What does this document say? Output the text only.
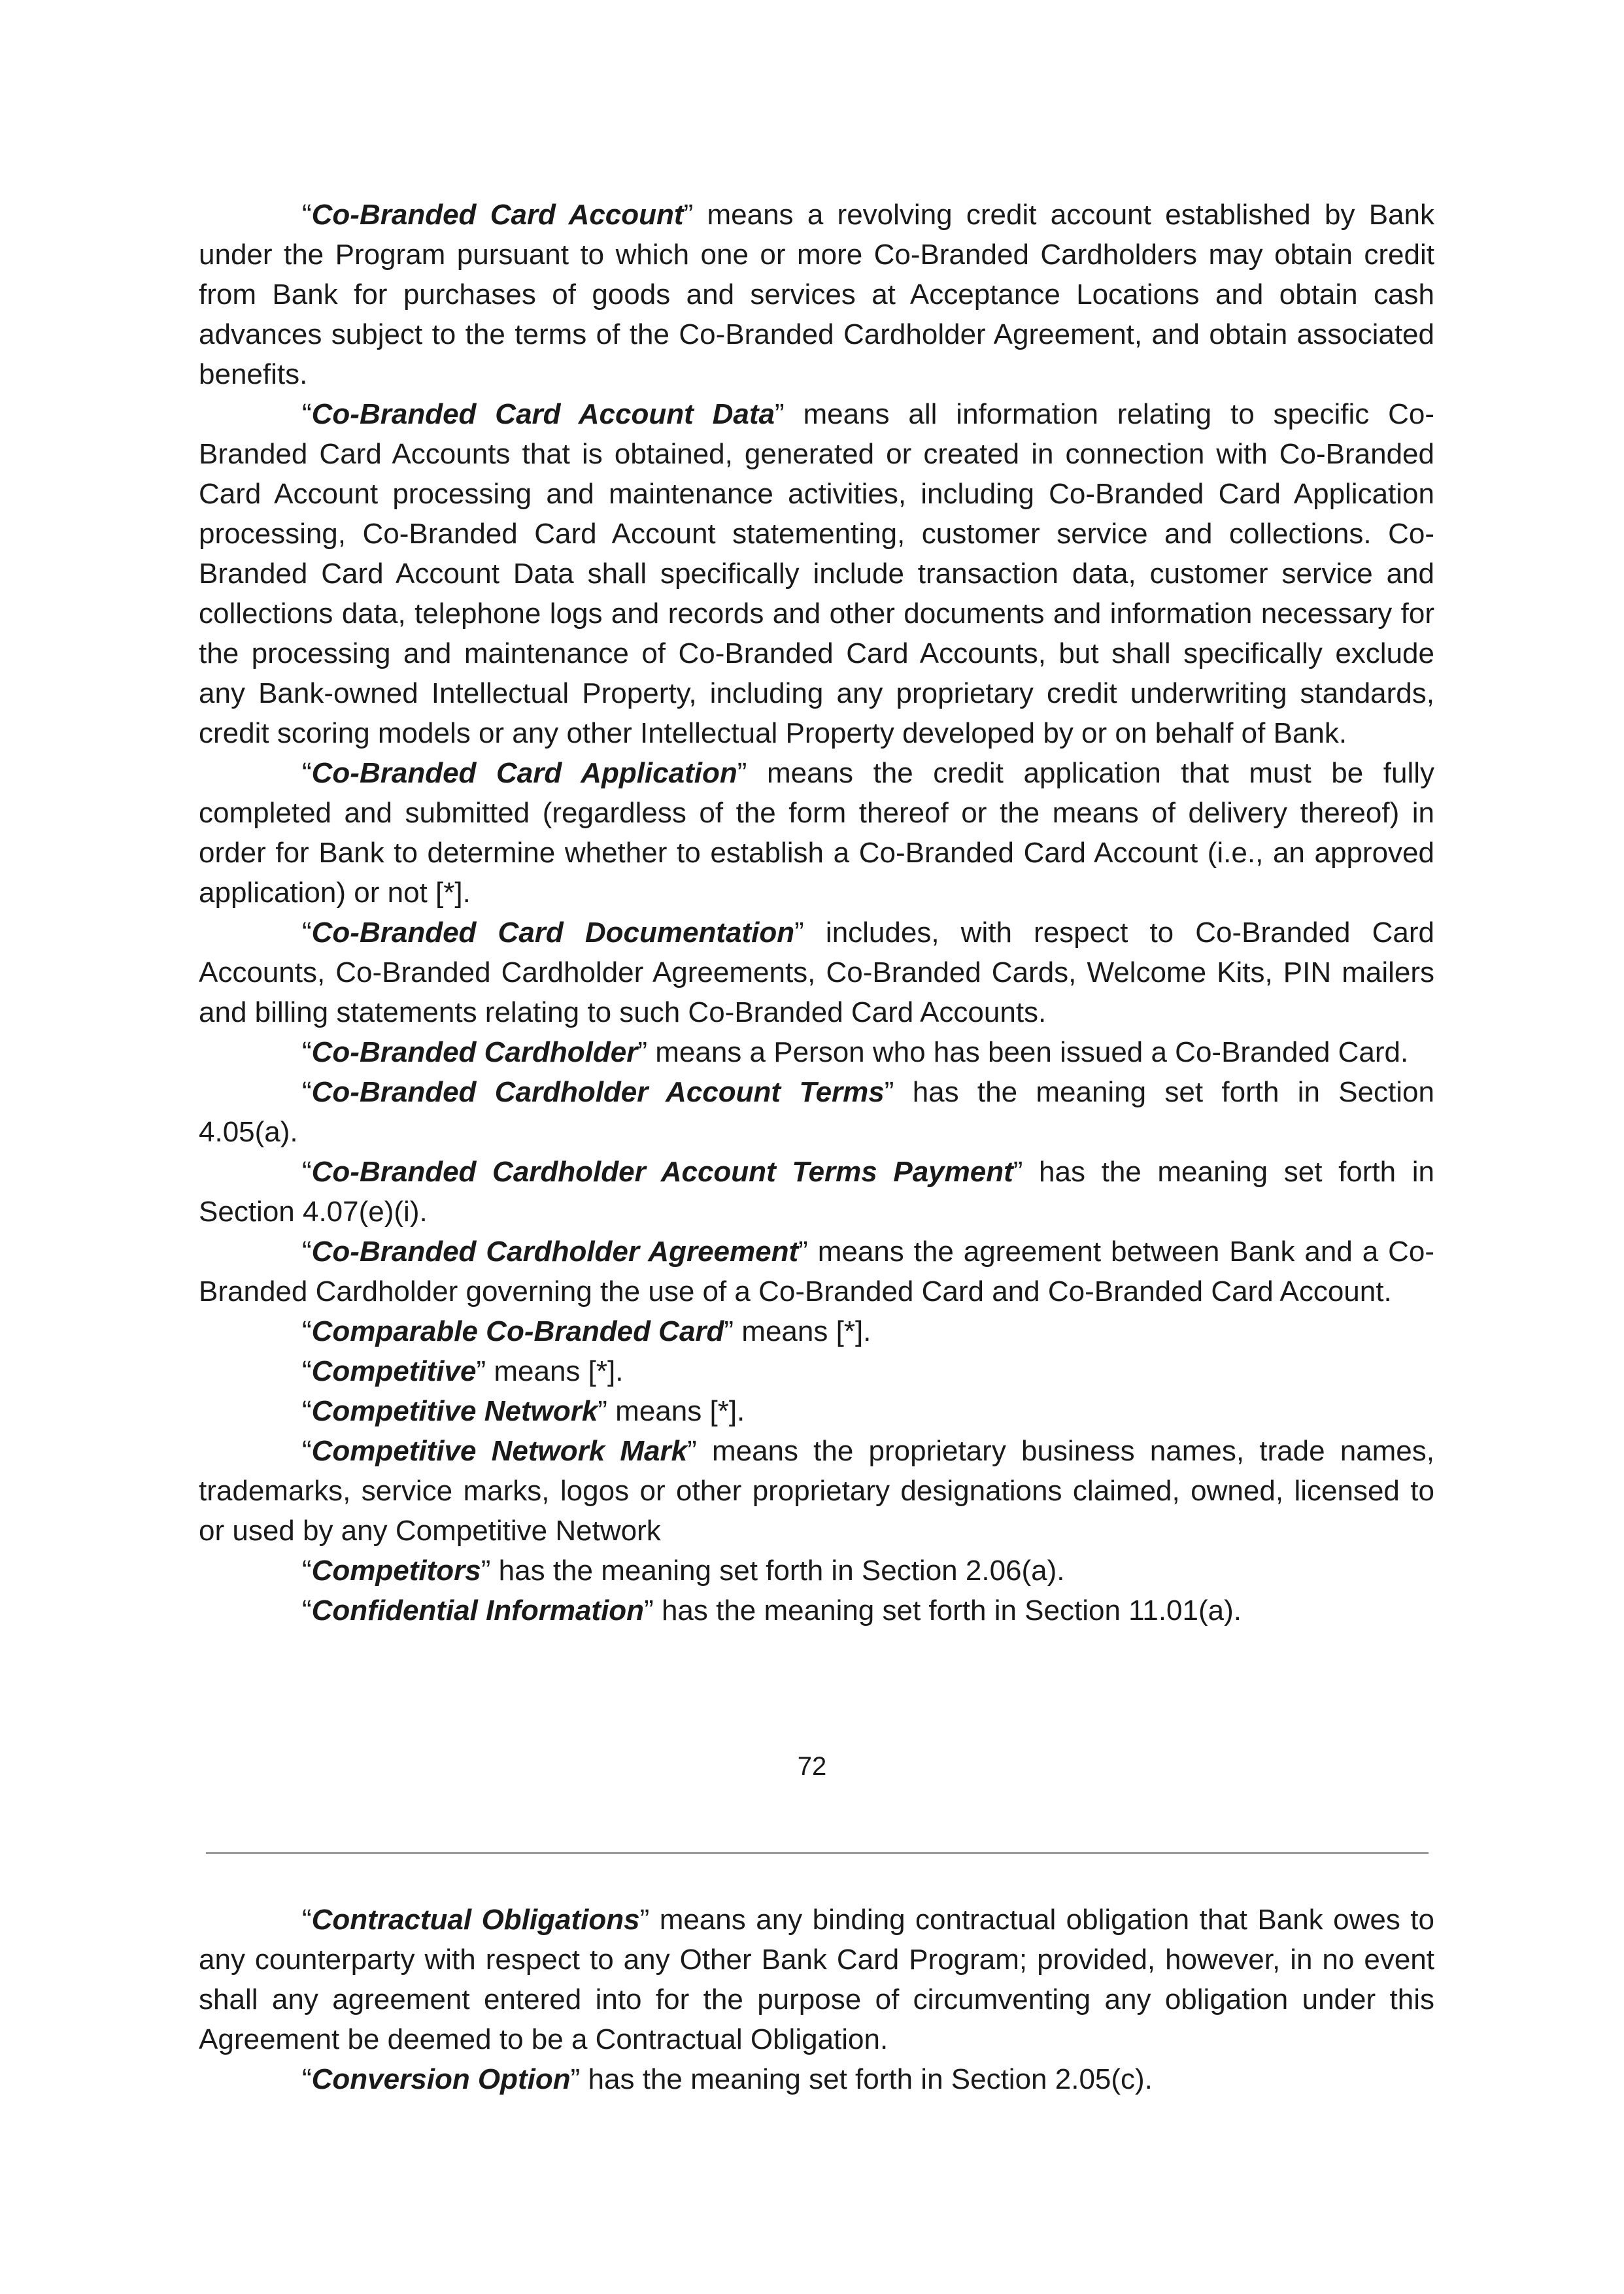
“Co-Branded Card Account” means a revolving credit account established by Bank under the Program pursuant to which one or more Co-Branded Cardholders may obtain credit from Bank for purchases of goods and services at Acceptance Locations and obtain cash advances subject to the terms of the Co-Branded Cardholder Agreement, and obtain associated benefits.

“Co-Branded Card Account Data” means all information relating to specific Co-Branded Card Accounts that is obtained, generated or created in connection with Co-Branded Card Account processing and maintenance activities, including Co-Branded Card Application processing, Co-Branded Card Account statementing, customer service and collections. Co-Branded Card Account Data shall specifically include transaction data, customer service and collections data, telephone logs and records and other documents and information necessary for the processing and maintenance of Co-Branded Card Accounts, but shall specifically exclude any Bank-owned Intellectual Property, including any proprietary credit underwriting standards, credit scoring models or any other Intellectual Property developed by or on behalf of Bank.

“Co-Branded Card Application” means the credit application that must be fully completed and submitted (regardless of the form thereof or the means of delivery thereof) in order for Bank to determine whether to establish a Co-Branded Card Account (i.e., an approved application) or not [*].

“Co-Branded Card Documentation” includes, with respect to Co-Branded Card Accounts, Co-Branded Cardholder Agreements, Co-Branded Cards, Welcome Kits, PIN mailers and billing statements relating to such Co-Branded Card Accounts.

“Co-Branded Cardholder” means a Person who has been issued a Co-Branded Card.

“Co-Branded Cardholder Account Terms” has the meaning set forth in Section 4.05(a).

“Co-Branded Cardholder Account Terms Payment” has the meaning set forth in Section 4.07(e)(i).

“Co-Branded Cardholder Agreement” means the agreement between Bank and a Co-Branded Cardholder governing the use of a Co-Branded Card and Co-Branded Card Account.

“Comparable Co-Branded Card” means [*].

“Competitive” means [*].

“Competitive Network” means [*].

“Competitive Network Mark” means the proprietary business names, trade names, trademarks, service marks, logos or other proprietary designations claimed, owned, licensed to or used by any Competitive Network

“Competitors” has the meaning set forth in Section 2.06(a).

“Confidential Information” has the meaning set forth in Section 11.01(a).

72

“Contractual Obligations” means any binding contractual obligation that Bank owes to any counterparty with respect to any Other Bank Card Program; provided, however, in no event shall any agreement entered into for the purpose of circumventing any obligation under this Agreement be deemed to be a Contractual Obligation.

“Conversion Option” has the meaning set forth in Section 2.05(c).
